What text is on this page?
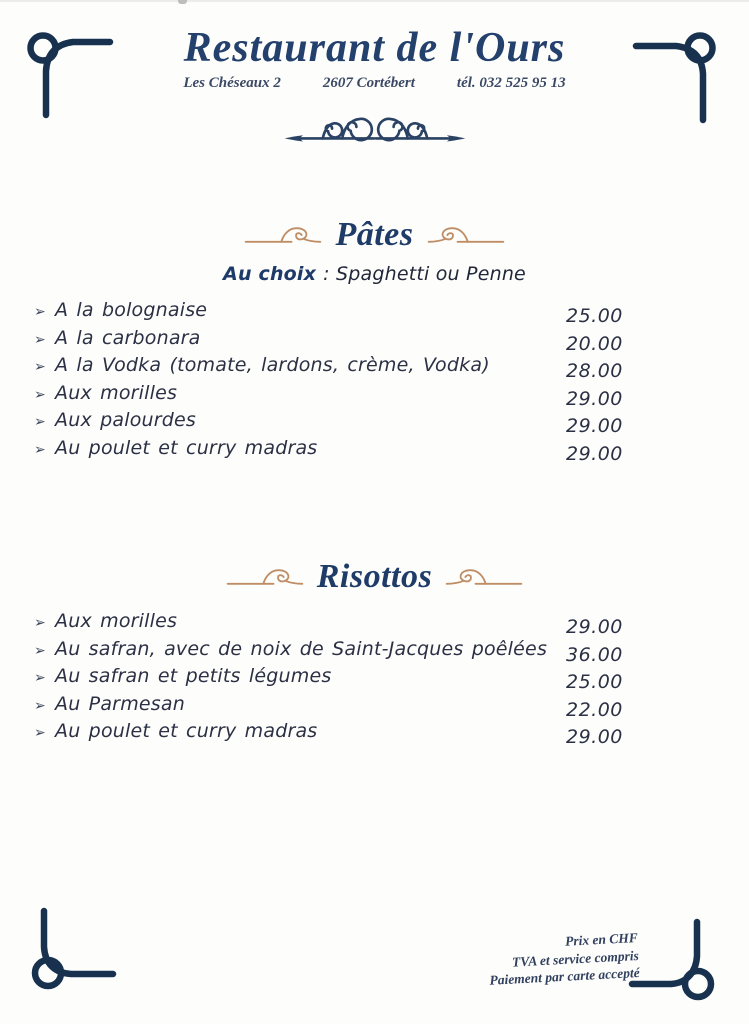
Restaurant de l'Ours
Les Chéseaux 2	2607 Cortébert	tél. 032 525 95 13
Pâtes

Au choix : Spaghetti ou Penne

➢ A la bolognaise	25.00
➢ A la carbonara	20.00
➢ A la Vodka (tomate, lardons, crème, Vodka)	28.00
➢ Aux morilles	29.00
➢ Aux palourdes	29.00
➢ Au poulet et curry madras	29.00
Risottos
➢ Aux morilles	29.00
➢ Au safran, avec de noix de Saint-Jacques poêlées 36.00
➢ Au safran et petits légumes	25.00
➢ Au Parmesan	22.00
➢ Au poulet et curry madras	29.00
Prix en CHF
TVA et service compris
Paiement par carte accepté
